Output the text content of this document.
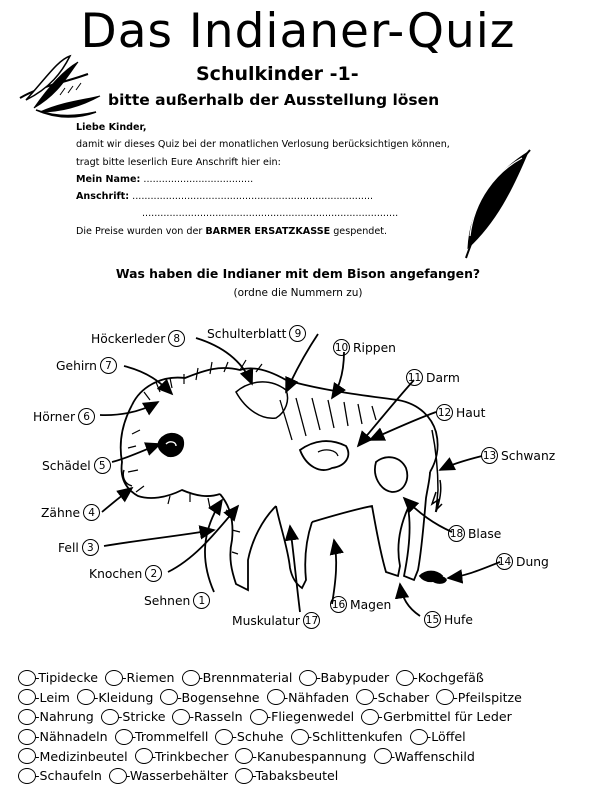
Das Indianer-Quiz
Schulkinder -1-
bitte außerhalb der Ausstellung lösen
Liebe Kinder,
damit wir dieses Quiz bei der monatlichen Verlosung berücksichtigen können,
tragt bitte leserlich Eure Anschrift hier ein:
Mein Name: ....................................
Anschrift: ...............................................................................
....................................................................................
Die Preise wurden von der BARMER ERSATZKASSE gespendet.
Was haben die Indianer mit dem Bison angefangen?
(ordne die Nummern zu)
Sehnen 1
Knochen 2
Fell 3
Zähne 4
Schädel 5
Hörner 6
Gehirn 7
Höckerleder 8	Schulterblatt 9
10 Rippen
11 Darm
12 Haut
13 Schwanz
14 Dung
15 Hufe
16 Magen
Muskulatur 17
18 Blase
-Tipidecke -Riemen -Brennmaterial -Babypuder -Kochgefäß
-Leim -Kleidung -Bogensehne -Nähfaden -Schaber -Pfeilspitze
-Nahrung -Stricke -Rasseln -Fliegenwedel -Gerbmittel für Leder
-Nähnadeln -Trommelfell -Schuhe -Schlittenkufen -Löffel
-Medizinbeutel -Trinkbecher -Kanubespannung -Waffenschild
-Schaufeln -Wasserbehälter -Tabaksbeutel
